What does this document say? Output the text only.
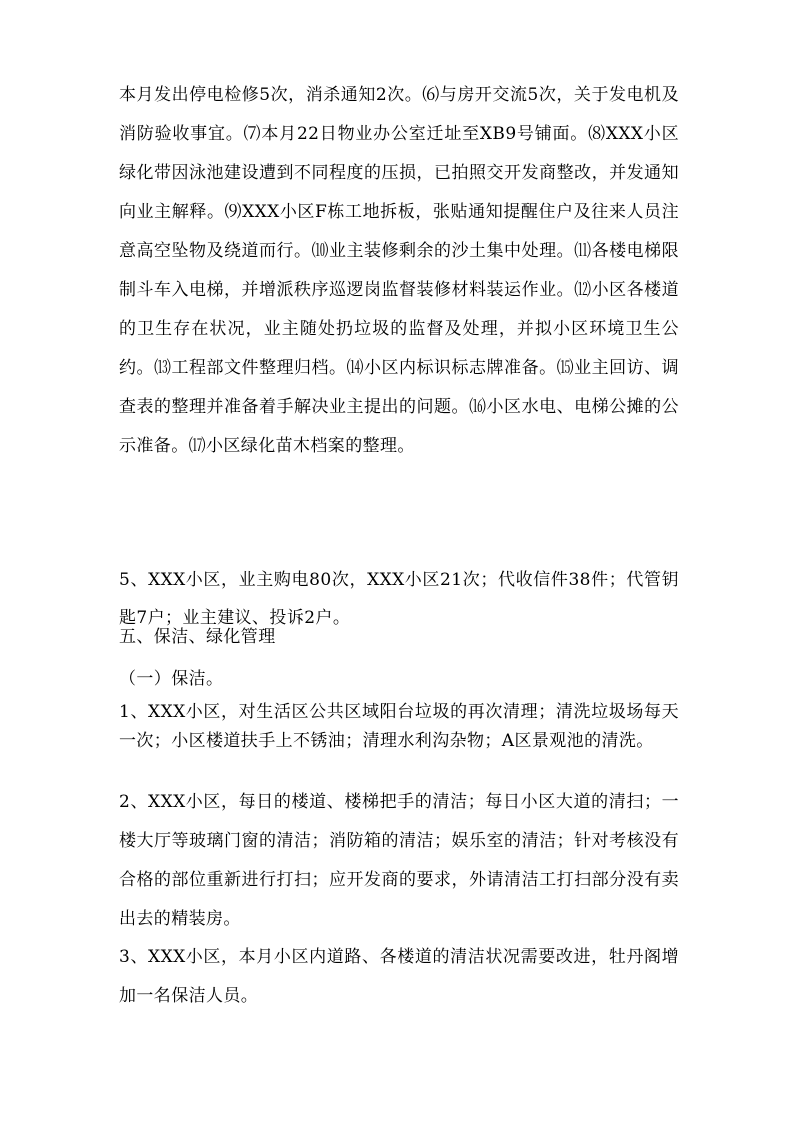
本月发出停电检修5次，消杀通知2次。⑹与房开交流5次，关于发电机及消防验收事宜。⑺本月22日物业办公室迁址至XB9号铺面。⑻XXX小区绿化带因泳池建设遭到不同程度的压损，已拍照交开发商整改，并发通知向业主解释。⑼XXX小区F栋工地拆板，张贴通知提醒住户及往来人员注意高空坠物及绕道而行。⑽业主装修剩余的沙土集中处理。⑾各楼电梯限制斗车入电梯，并增派秩序巡逻岗监督装修材料装运作业。⑿小区各楼道的卫生存在状况，业主随处扔垃圾的监督及处理，并拟小区环境卫生公约。⒀工程部文件整理归档。⒁小区内标识标志牌准备。⒂业主回访、调查表的整理并准备着手解决业主提出的问题。⒃小区水电、电梯公摊的公示准备。⒄小区绿化苗木档案的整理。

5、XXX小区，业主购电80次，XXX小区21次；代收信件38件；代管钥匙7户；业主建议、投诉2户。

五、保洁、绿化管理

（一）保洁。

1、XXX小区，对生活区公共区域阳台垃圾的再次清理；清洗垃圾场每天一次；小区楼道扶手上不锈油；清理水利沟杂物；A区景观池的清洗。

2、XXX小区，每日的楼道、楼梯把手的清洁；每日小区大道的清扫；一楼大厅等玻璃门窗的清洁；消防箱的清洁；娱乐室的清洁；针对考核没有合格的部位重新进行打扫；应开发商的要求，外请清洁工打扫部分没有卖出去的精装房。

3、XXX小区，本月小区内道路、各楼道的清洁状况需要改进，牡丹阁增加一名保洁人员。
